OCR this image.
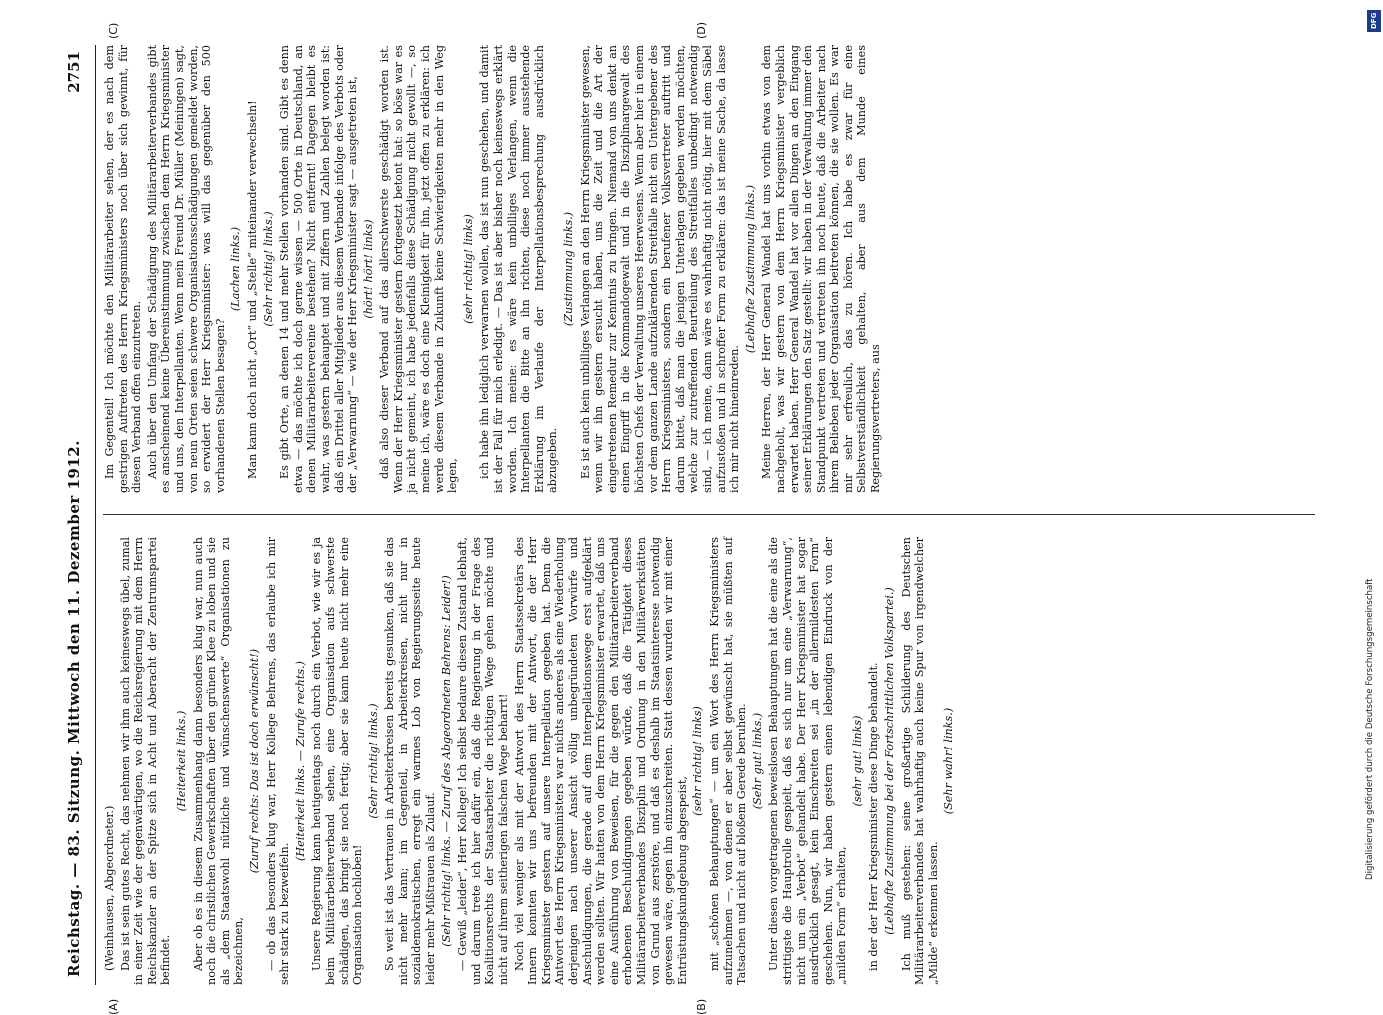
Reichstag. — 83. Sitzung. Mittwoch den 11. Dezember 1912.
2751
(A)	(B)
(C)	(D)

(Weinhausen, Abgeordneter.) Das ist sein gutes Recht, das nehmen wir ihm auch keineswegs übel, zumal in einer Zeit wie der gegenwärtigen, wo die Reichsregierung mit dem Herrn Reichskanzler an der Spitze sich in Acht und Aberacht der Zentrumspartei befindet.

(Heiterkeit links.) Aber ob es in diesem Zusammenhang dann besonders klug war, nun auch noch die christlichen Gewerkschaften über den grünen Klee zu loben und sie als „dem Staatswohl nützliche und wünschenswerte“ Organisationen zu bezeichnen,

(Zuruf rechts: Das ist doch erwünscht!) — ob das besonders klug war, Herr Kollege Behrens, das erlaube ich mir sehr stark zu bezweifeln.

(Heiterkeit links. — Zurufe rechts.) Unsere Regierung kann heutigentags noch durch ein Verbot, wie wir es ja beim Militärarbeiterverband sehen, eine Organisation aufs schwerste schädigen, das bringt sie noch fertig; aber sie kann heute nicht mehr eine Organisation hochloben!

(Sehr richtig! links.) So weit ist das Vertrauen in Arbeiterkreisen bereits gesunken, daß sie das nicht mehr kann; im Gegenteil, in Arbeiterkreisen, nicht nur in sozialdemokratischen, erregt ein warmes Lob von Regierungsseite heute leider mehr Mißtrauen als Zulauf. (Sehr richtig! links. — Zuruf des Abgeordneten Behrens: Leider!) — Gewiß „leider“, Herr Kollege! Ich selbst bedaure diesen Zustand lebhaft, und darum trete ich hier dafür ein, daß die Regierung in der Frage des Koalitionsrechts der Staatsarbeiter die richtigen Wege gehen möchte und nicht auf ihrem seitherigen falschen Wege beharrt! Noch viel weniger als mit der Antwort des Herrn Staatssekretärs des Innern konnten wir uns befreunden mit der Antwort, die der Herr Kriegsminister gestern auf unsere Interpellation gegeben hat. Denn die Antwort des Herrn Kriegsministers war nichts anderes als eine Wiederholung derjenigen nach unserer Ansicht völlig unbegründeten Vorwürfe und Anschuldigungen, die gerade auf dem Interpellationswege erst aufgeklärt werden sollten. Wir hatten von dem Herrn Kriegsminister erwartet, daß uns eine Ausführung von Beweisen, für die gegen den Militärarbeiterverband erhobenen Beschuldigungen gegeben würde, daß die Tätigkeit dieses Militärarbeiterverbandes Disziplin und Ordnung in den Militärwerkstätten von Grund aus zerstöre, und daß es deshalb im Staatsinteresse notwendig gewesen wäre, gegen ihn einzuschreiten. Statt dessen wurden wir mit einer Entrüstungskundgebung abgespeist,

(sehr richtig! links) mit „schönen Behauptungen“ — um ein Wort des Herrn Kriegsministers aufzunehmen —, von denen er aber selbst gewünscht hat, sie müßten auf Tatsachen und nicht auf bloßem Gerede beruhen. (Sehr gut! links.) Unter diesen vorgetragenen beweislosen Behauptungen hat die eine als die strittigste die Hauptrolle gespielt, daß es sich nur um eine „Verwarnung“, nicht um ein „Verbot“ gehandelt habe. Der Herr Kriegsminister hat sogar ausdrücklich gesagt, kein Einschreiten sei „in der allermildesten Form“ geschehen. Nun, wir haben gestern einen lebendigen Eindruck von der „milden Form“ erhalten,

(sehr gut! links) in der der Herr Kriegsminister diese Dinge behandelt. (Lebhafte Zustimmung bei der Fortschrittlichen Volkspartei.) Ich muß gestehen: seine großartige Schilderung des Deutschen Militärarbeiterverbandes hat wahrhaftig auch keine Spur von irgendwelcher „Milde“ erkennen lassen.

(Sehr wahr! links.)

Im Gegenteil! Ich möchte den Militärarbeiter sehen, der es nach dem gestrigen Auftreten des Herrn Kriegsministers noch über sich gewinnt, für diesen Verband offen einzutreten. Auch über den Umfang der Schädigung des Militärarbeiterverbandes gibt es anscheinend keine Übereinstimmung zwischen dem Herrn Kriegsminister und uns, den Interpellanten. Wenn mein Freund Dr. Müller (Meiningen) sagt, von neun Orten seien schwere Organisationsschädigungen gemeldet worden, so erwidert der Herr Kriegsminister: was will das gegenüber den 500 vorhandenen Stellen besagen?

(Lachen links.) Man kann doch nicht „Ort“ und „Stelle“ miteinander verwechseln! (Sehr richtig! links.) Es gibt Orte, an denen 14 und mehr Stellen vorhanden sind. Gibt es denn etwa — das möchte ich doch gerne wissen — 500 Orte in Deutschland, an denen Militärarbeitervereine bestehen? Nicht entfernt! Dagegen bleibt es wahr, was gestern behauptet und mit Ziffern und Zahlen belegt worden ist: daß ein Drittel aller Mitglieder aus diesem Verbande infolge des Verbots oder der „Verwarnung“ — wie der Herr Kriegsminister sagt — ausgetreten ist, (hört! hört! links) daß also dieser Verband auf das allerschwerste geschädigt worden ist. Wenn der Herr Kriegsminister gestern fortgesetzt betont hat: so böse war es ja nicht gemeint, ich habe jedenfalls diese Schädigung nicht gewollt —, so meine ich, wäre es doch eine Kleinigkeit für ihn, jetzt offen zu erklären: ich werde diesem Verbande in Zukunft keine Schwierigkeiten mehr in den Weg legen,

(sehr richtig! links) ich habe ihn lediglich verwarnen wollen, das ist nun geschehen, und damit ist der Fall für mich erledigt. — Das ist aber bisher noch keineswegs erklärt worden. Ich meine: es wäre kein unbilliges Verlangen, wenn die Interpellanten die Bitte an ihn richten, diese noch immer ausstehende Erklärung im Verlaufe der Interpellationsbesprechung ausdrücklich abzugeben.

(Zustimmung links.) Es ist auch kein unbilliges Verlangen an den Herrn Kriegsminister gewesen, wenn wir ihn gestern ersucht haben, uns die Zeit und die Art der eingetretenen Remedur zur Kenntnis zu bringen. Niemand von uns denkt an einen Eingriff in die Kommandogewalt und in die Disziplinargewalt des höchsten Chefs der Verwaltung unseres Heerwesens. Wenn aber hier in einem vor dem ganzen Lande aufzuklärenden Streitfalle nicht ein Untergebener des Herrn Kriegsministers, sondern ein berufener Volksvertreter auftritt und darum bittet, daß man die jenigen Unterlagen gegeben werden möchten, welche zur zutreffenden Beurteilung des Streitfalles unbedingt notwendig sind, — ich meine, dann wäre es wahrhaftig nicht nötig, hier mit dem Säbel aufzustoßen und in schroffer Form zu erklären: das ist meine Sache, da lasse ich mir nicht hineinreden.

(Lebhafte Zustimmung links.) Meine Herren, der Herr General Wandel hat uns vorhin etwas von dem nachgeholt, was wir gestern von dem Herrn Kriegsminister vergeblich erwartet haben. Herr General Wandel hat vor allen Dingen an den Eingang seiner Erklärungen den Satz gestellt: wir haben in der Verwaltung immer den Standpunkt vertreten und vertreten ihn noch heute, daß die Arbeiter nach ihrem Belieben jeder Organisation beitreten können, die sie wollen. Es war mir sehr erfreulich, das zu hören. Ich habe es zwar für eine Selbstverständlichkeit gehalten, aber aus dem Munde eines Regierungsvertreters, aus

DFG
Digitalisierung gefördert durch die Deutsche Forschungsgemeinschaft
